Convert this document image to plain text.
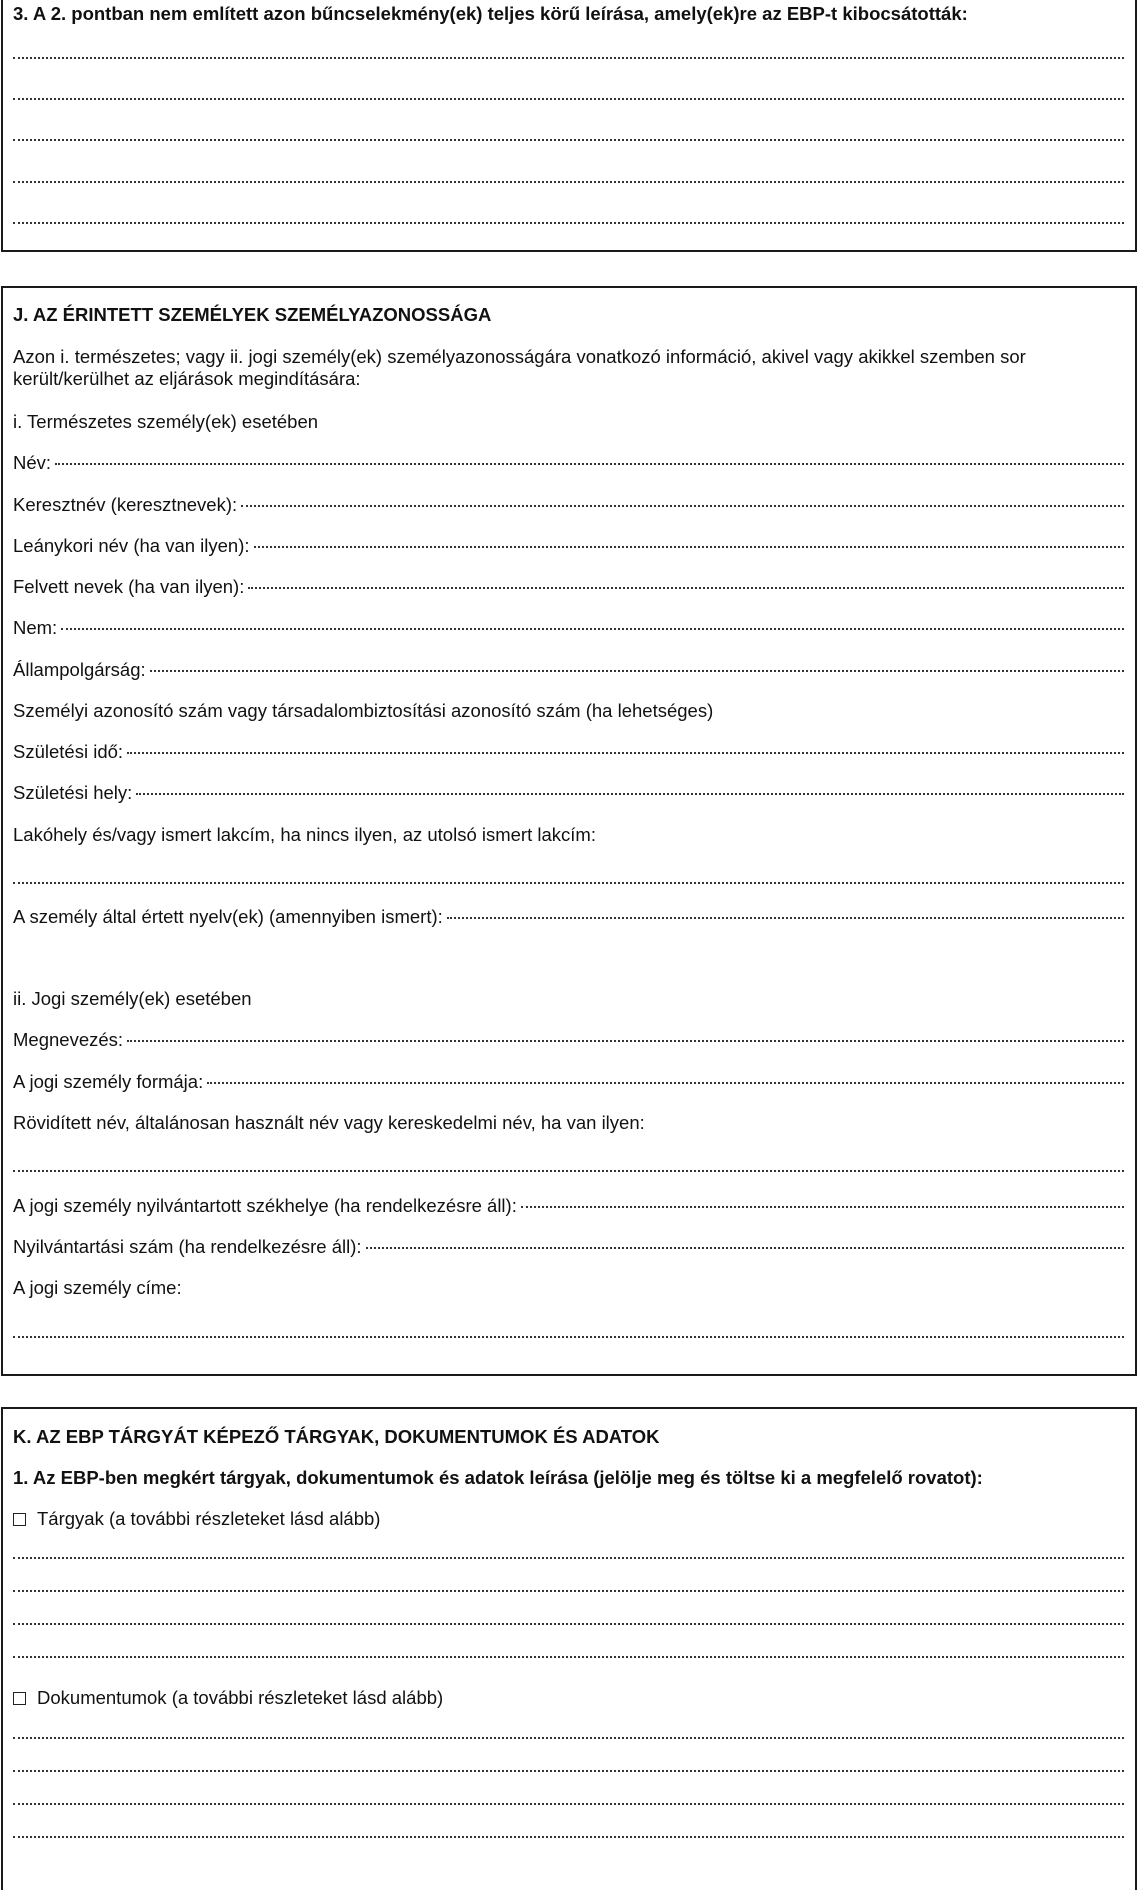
3. A 2. pontban nem említett azon bűncselekmény(ek) teljes körű leírása, amely(ek)re az EBP-t kibocsátották:
J. AZ ÉRINTETT SZEMÉLYEK SZEMÉLYAZONOSSÁGA
Azon i. természetes; vagy ii. jogi személy(ek) személyazonosságára vonatkozó információ, akivel vagy akikkel szemben sor került/kerülhet az eljárások megindítására:
i. Természetes személy(ek) esetében
Név:
Keresztnév (keresztnevek):
Leánykori név (ha van ilyen):
Felvett nevek (ha van ilyen):
Nem:
Állampolgárság:
Személyi azonosító szám vagy társadalombiztosítási azonosító szám (ha lehetséges)
Születési idő:
Születési hely:
Lakóhely és/vagy ismert lakcím, ha nincs ilyen, az utolsó ismert lakcím:
A személy által értett nyelv(ek) (amennyiben ismert):
ii. Jogi személy(ek) esetében
Megnevezés:
A jogi személy formája:
Rövidített név, általánosan használt név vagy kereskedelmi név, ha van ilyen:
A jogi személy nyilvántartott székhelye (ha rendelkezésre áll):
Nyilvántartási szám (ha rendelkezésre áll):
A jogi személy címe:
K. AZ EBP TÁRGYÁT KÉPEZŐ TÁRGYAK, DOKUMENTUMOK ÉS ADATOK
1. Az EBP-ben megkért tárgyak, dokumentumok és adatok leírása (jelölje meg és töltse ki a megfelelő rovatot):
Tárgyak (a további részleteket lásd alább)
Dokumentumok (a további részleteket lásd alább)
